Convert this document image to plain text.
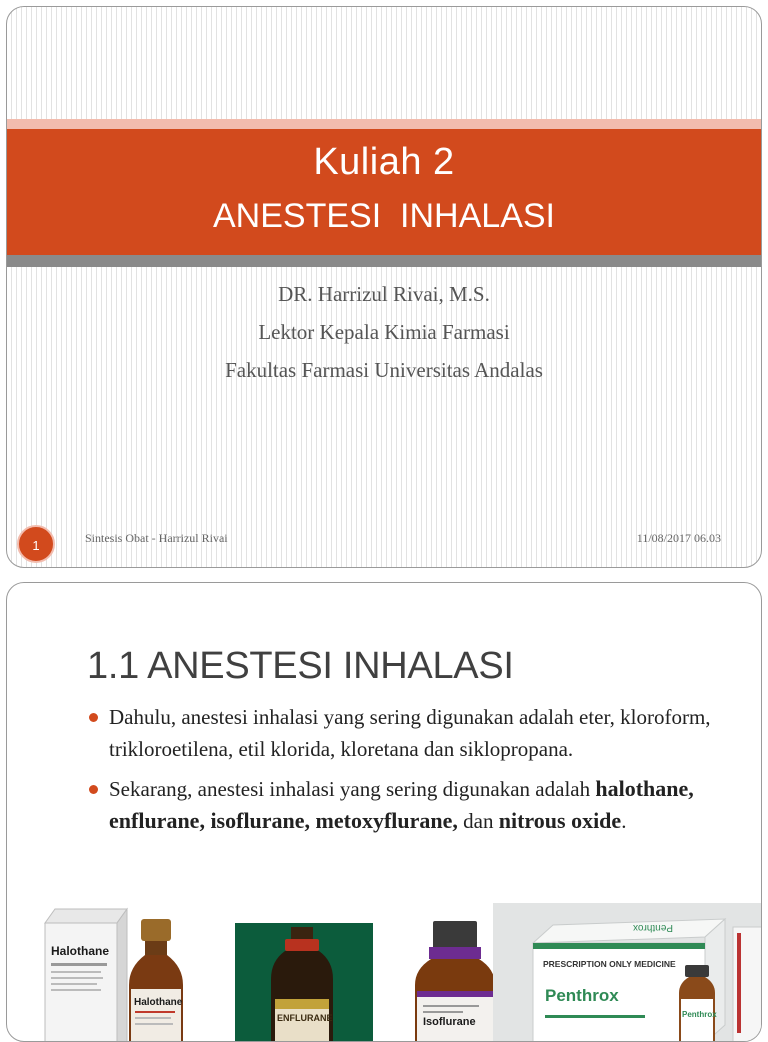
Kuliah 2
ANESTESI  INHALASI
DR. Harrizul Rivai, M.S.
Lektor Kepala Kimia Farmasi
Fakultas Farmasi Universitas Andalas
1	Sintesis Obat - Harrizul Rivai	11/08/2017 06.03
1.1 ANESTESI INHALASI
Dahulu, anestesi inhalasi yang sering digunakan adalah eter, kloroform, trikloroetilena, etil klorida, kloretana dan siklopropana.
Sekarang, anestesi inhalasi yang sering digunakan adalah halothane, enflurane, isoflurane, metoxyflurane, dan nitrous oxide.
Halothane
Halothane
ENFLURANE	Isoflurane
Penthrox
PRESCRIPTION ONLY MEDICINE
Penthrox
Penthrox
